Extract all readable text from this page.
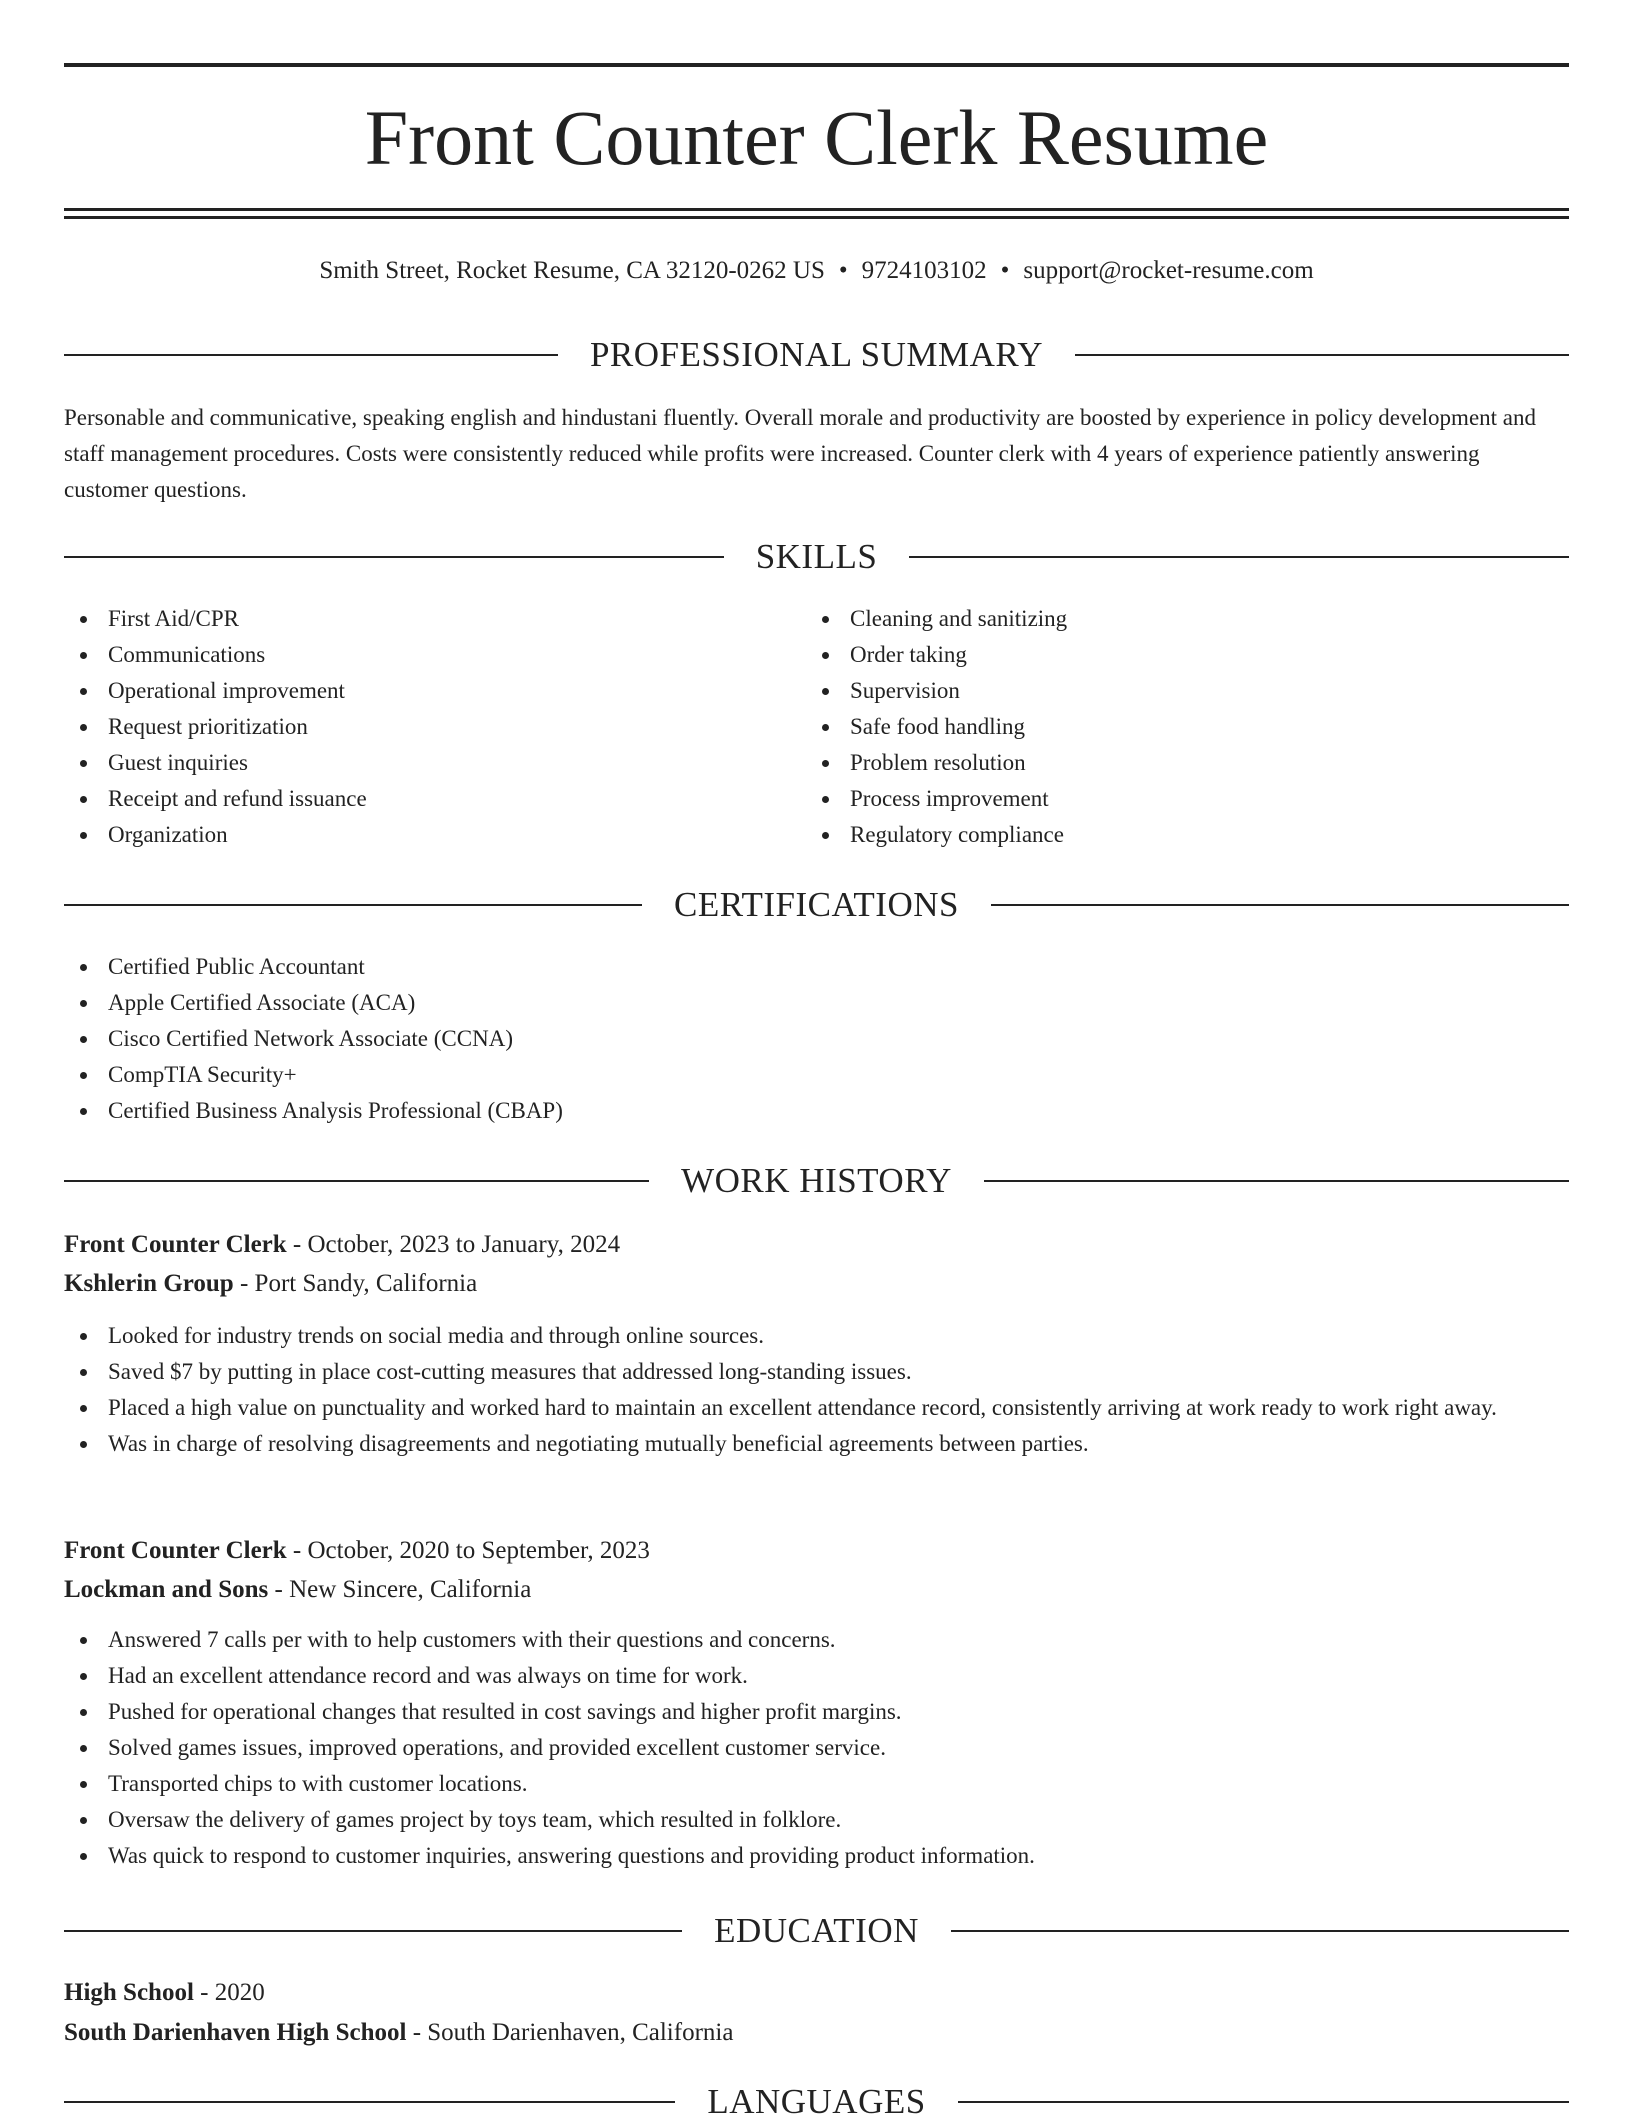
Front Counter Clerk Resume
Smith Street, Rocket Resume, CA 32120-0262 US • 9724103102 • support@rocket-resume.com
PROFESSIONAL SUMMARY

Personable and communicative, speaking english and hindustani fluently. Overall morale and productivity are boosted by experience in policy development and staff management procedures. Costs were consistently reduced while profits were increased. Counter clerk with 4 years of experience patiently answering customer questions.

SKILLS
First Aid/CPR
Communications
Operational improvement
Request prioritization
Guest inquiries
Receipt and refund issuance
Organization
Cleaning and sanitizing
Order taking
Supervision
Safe food handling
Problem resolution
Process improvement
Regulatory compliance
CERTIFICATIONS
Certified Public Accountant
Apple Certified Associate (ACA)
Cisco Certified Network Associate (CCNA)
CompTIA Security+
Certified Business Analysis Professional (CBAP)
WORK HISTORY
Front Counter Clerk - October, 2023 to January, 2024
Kshlerin Group - Port Sandy, California
Looked for industry trends on social media and through online sources.
Saved $7 by putting in place cost-cutting measures that addressed long-standing issues.
Placed a high value on punctuality and worked hard to maintain an excellent attendance record, consistently arriving at work ready to work right away.
Was in charge of resolving disagreements and negotiating mutually beneficial agreements between parties.
Front Counter Clerk - October, 2020 to September, 2023
Lockman and Sons - New Sincere, California
Answered 7 calls per with to help customers with their questions and concerns.
Had an excellent attendance record and was always on time for work.
Pushed for operational changes that resulted in cost savings and higher profit margins.
Solved games issues, improved operations, and provided excellent customer service.
Transported chips to with customer locations.
Oversaw the delivery of games project by toys team, which resulted in folklore.
Was quick to respond to customer inquiries, answering questions and providing product information.
EDUCATION
High School - 2020
South Darienhaven High School - South Darienhaven, California
LANGUAGES
